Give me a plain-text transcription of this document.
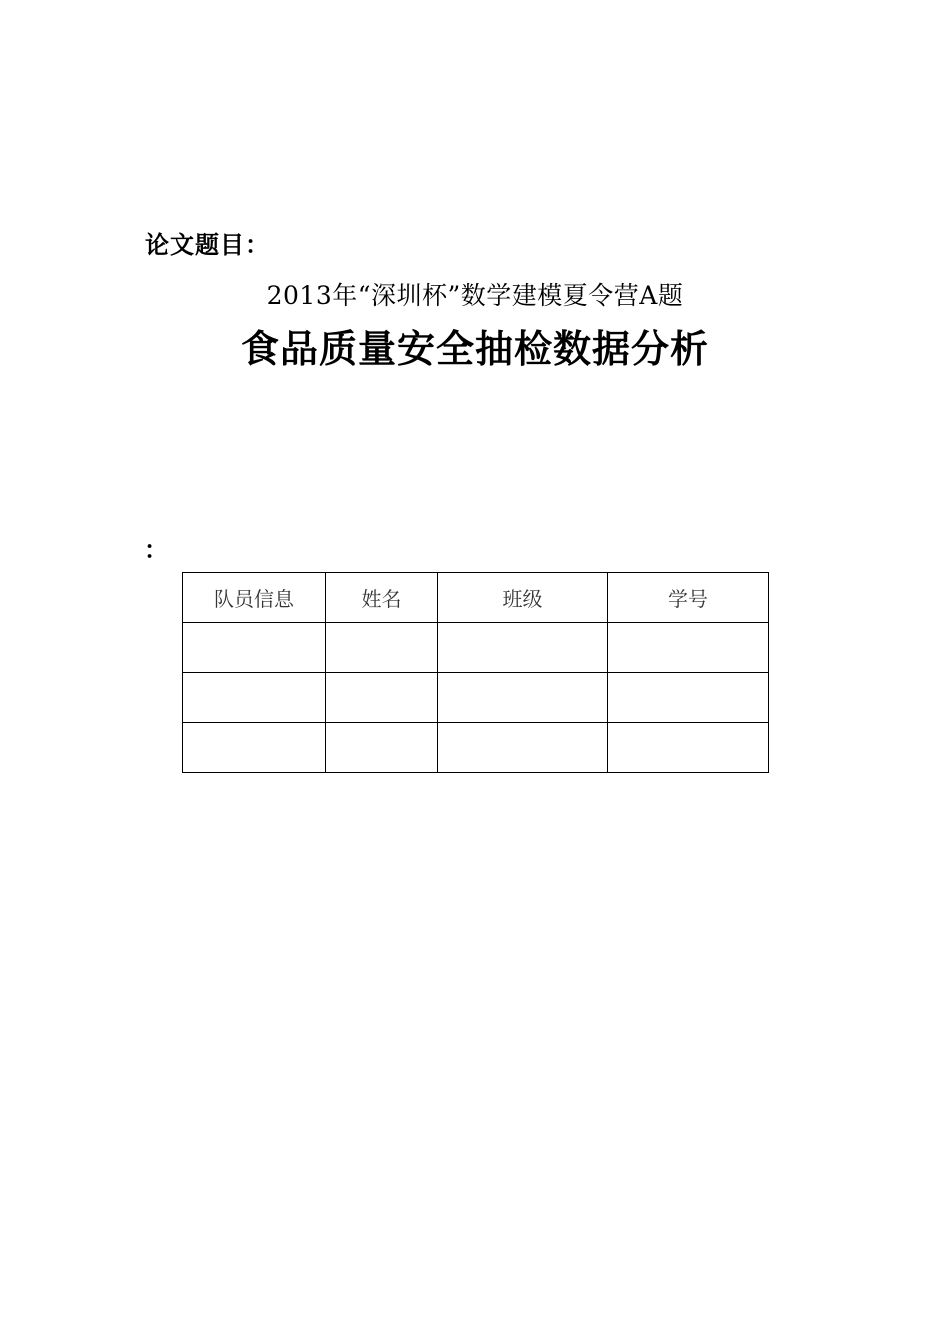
论文题目：
2013年“深圳杯”数学建模夏令营A题
食品质量安全抽检数据分析
：
队员信息	姓名	班级	学号
